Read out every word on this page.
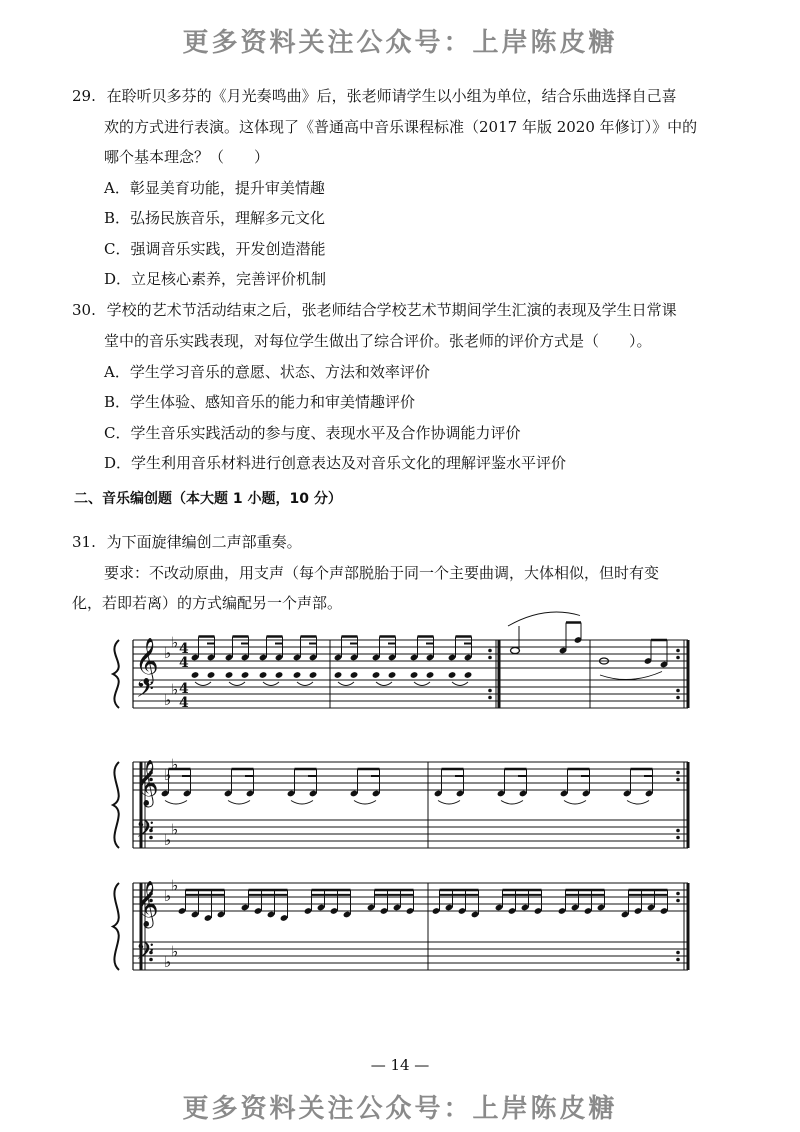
更多资料关注公众号：上岸陈皮糖
29. 在聆听贝多芬的《月光奏鸣曲》后，张老师请学生以小组为单位，结合乐曲选择自己喜
欢的方式进行表演。这体现了《普通高中音乐课程标准（2017 年版 2020 年修订）》中的
哪个基本理念？（　　）
A．彰显美育功能，提升审美情趣
B．弘扬民族音乐，理解多元文化
C．强调音乐实践，开发创造潜能
D．立足核心素养，完善评价机制
30. 学校的艺术节活动结束之后，张老师结合学校艺术节期间学生汇演的表现及学生日常课
堂中的音乐实践表现，对每位学生做出了综合评价。张老师的评价方式是（　　）。
A．学生学习音乐的意愿、状态、方法和效率评价
B．学生体验、感知音乐的能力和审美情趣评价
C．学生音乐实践活动的参与度、表现水平及合作协调能力评价
D．学生利用音乐材料进行创意表达及对音乐文化的理解评鉴水平评价
二、音乐编创题（本大题 1 小题，10 分）
31. 为下面旋律编创二声部重奏。
要求：不改动原曲，用支声（每个声部脱胎于同一个主要曲调，大体相似，但时有变
化，若即若离）的方式编配另一个声部。
𝄞
𝄢
♭
♭
♭
♭
4
4
4
4
𝄞
𝄢
♭
♭
♭
♭
𝄞
𝄢
♭
♭
♭
♭
— 14 —
更多资料关注公众号：上岸陈皮糖
